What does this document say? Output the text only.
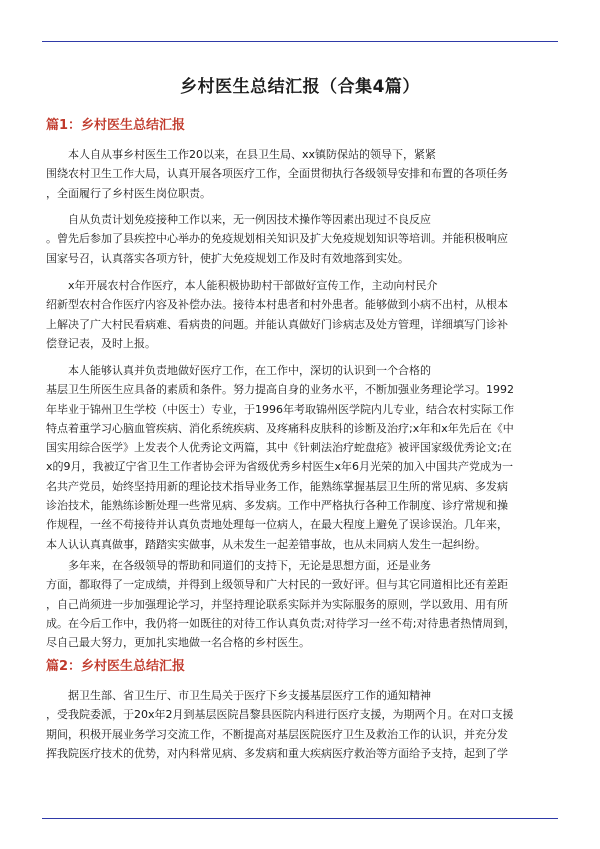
乡村医生总结汇报（合集4篇）
篇1：乡村医生总结汇报
本人自从事乡村医生工作20以来，在县卫生局、xx镇防保站的领导下，紧紧
围绕农村卫生工作大局，认真开展各项医疗工作，全面贯彻执行各级领导安排和布置的各项任务
，全面履行了乡村医生岗位职责。
自从负责计划免疫接种工作以来，无一例因技术操作等因素出现过不良反应
。曾先后参加了县疾控中心举办的免疫规划相关知识及扩大免疫规划知识等培训。并能积极响应
国家号召，认真落实各项方针，使扩大免疫规划工作及时有效地落到实处。
x年开展农村合作医疗，本人能积极协助村干部做好宣传工作，主动向村民介
绍新型农村合作医疗内容及补偿办法。接待本村患者和村外患者。能够做到小病不出村，从根本
上解决了广大村民看病难、看病贵的问题。并能认真做好门诊病志及处方管理，详细填写门诊补
偿登记表，及时上报。
本人能够认真并负责地做好医疗工作，在工作中，深切的认识到一个合格的
基层卫生所医生应具备的素质和条件。努力提高自身的业务水平，不断加强业务理论学习。1992
年毕业于锦州卫生学校（中医士）专业，于1996年考取锦州医学院内儿专业，结合农村实际工作
特点着重学习心脑血管疾病、消化系统疾病、及疼痛科皮肤科的诊断及治疗;x年和x年先后在《中
国实用综合医学》上发表个人优秀论文两篇，其中《针刺法治疗蛇盘疮》被评国家级优秀论文;在
x的9月，我被辽宁省卫生工作者协会评为省级优秀乡村医生x年6月光荣的加入中国共产党成为一
名共产党员，始终坚持用新的理论技术指导业务工作，能熟练掌握基层卫生所的常见病、多发病
诊治技术，能熟练诊断处理一些常见病、多发病。工作中严格执行各种工作制度、诊疗常规和操
作规程，一丝不苟接待并认真负责地处理每一位病人，在最大程度上避免了误诊误治。几年来，
本人认认真真做事，踏踏实实做事，从未发生一起差错事故，也从未同病人发生一起纠纷。
多年来，在各级领导的帮助和同道们的支持下，无论是思想方面，还是业务
方面，都取得了一定成绩，并得到上级领导和广大村民的一致好评。但与其它同道相比还有差距
，自己尚须进一步加强理论学习，并坚持理论联系实际并为实际服务的原则，学以致用、用有所
成。在今后工作中，我仍将一如既往的对待工作认真负责;对待学习一丝不苟;对待患者热情周到，
尽自己最大努力，更加扎实地做一名合格的乡村医生。
篇2：乡村医生总结汇报
据卫生部、省卫生厅、市卫生局关于医疗下乡支援基层医疗工作的通知精神
，受我院委派，于20x年2月到基层医院昌黎县医院内科进行医疗支援，为期两个月。在对口支援
期间，积极开展业务学习交流工作，不断提高对基层医院医疗卫生及救治工作的认识，并充分发
挥我院医疗技术的优势，对内科常见病、多发病和重大疾病医疗救治等方面给予支持，起到了学
